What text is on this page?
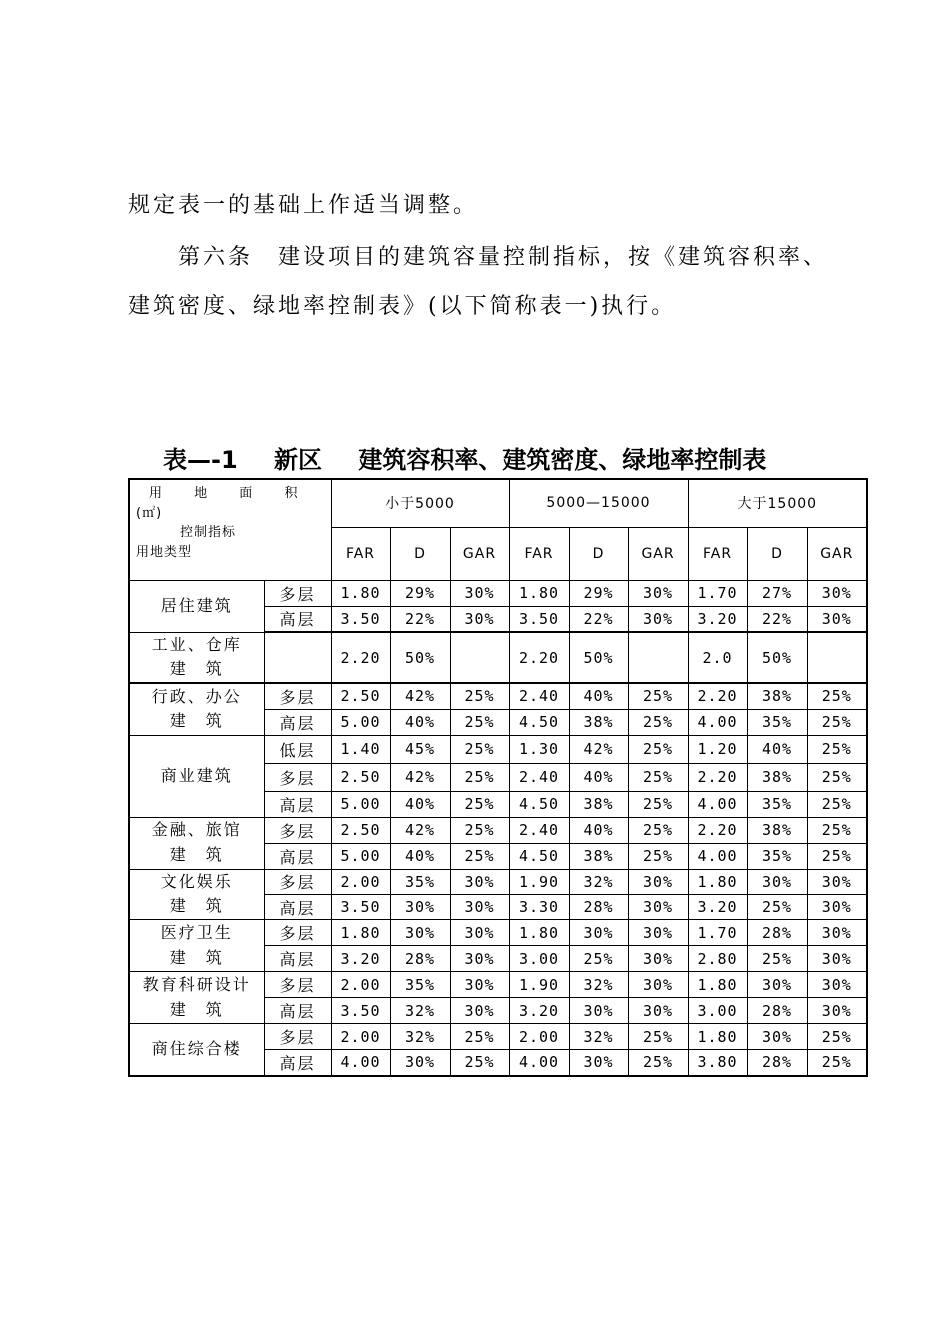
规定表一的基础上作适当调整。
第六条　建设项目的建筑容量控制指标，按《建筑容积率、
建筑密度、绿地率控制表》(以下简称表一)执行。
表—-1 新区 建筑容积率、建筑密度、绿地率控制表
用 地 面 积
(㎡)
控制指标
用地类型		小于5000			5000—15000			大于15000		
		FAR	D	GAR	FAR	D	GAR	FAR	D	GAR
居住建筑	多层	1.80	29%	30%	1.80	29%	30%	1.70	27%	30%
	高层	3.50	22%	30%	3.50	22%	30%	3.20	22%	30%
工业、仓库
建　筑		2.20	50%		2.20	50%		2.0	50%	
行政、办公
建　筑	多层	2.50	42%	25%	2.40	40%	25%	2.20	38%	25%
	高层	5.00	40%	25%	4.50	38%	25%	4.00	35%	25%
商业建筑	低层	1.40	45%	25%	1.30	42%	25%	1.20	40%	25%
	多层	2.50	42%	25%	2.40	40%	25%	2.20	38%	25%
	高层	5.00	40%	25%	4.50	38%	25%	4.00	35%	25%
金融、旅馆
建　筑	多层	2.50	42%	25%	2.40	40%	25%	2.20	38%	25%
	高层	5.00	40%	25%	4.50	38%	25%	4.00	35%	25%
文化娱乐
建　筑	多层	2.00	35%	30%	1.90	32%	30%	1.80	30%	30%
	高层	3.50	30%	30%	3.30	28%	30%	3.20	25%	30%
医疗卫生
建　筑	多层	1.80	30%	30%	1.80	30%	30%	1.70	28%	30%
	高层	3.20	28%	30%	3.00	25%	30%	2.80	25%	30%
教育科研设计
建　筑	多层	2.00	35%	30%	1.90	32%	30%	1.80	30%	30%
	高层	3.50	32%	30%	3.20	30%	30%	3.00	28%	30%
商住综合楼	多层	2.00	32%	25%	2.00	32%	25%	1.80	30%	25%
	高层	4.00	30%	25%	4.00	30%	25%	3.80	28%	25%
